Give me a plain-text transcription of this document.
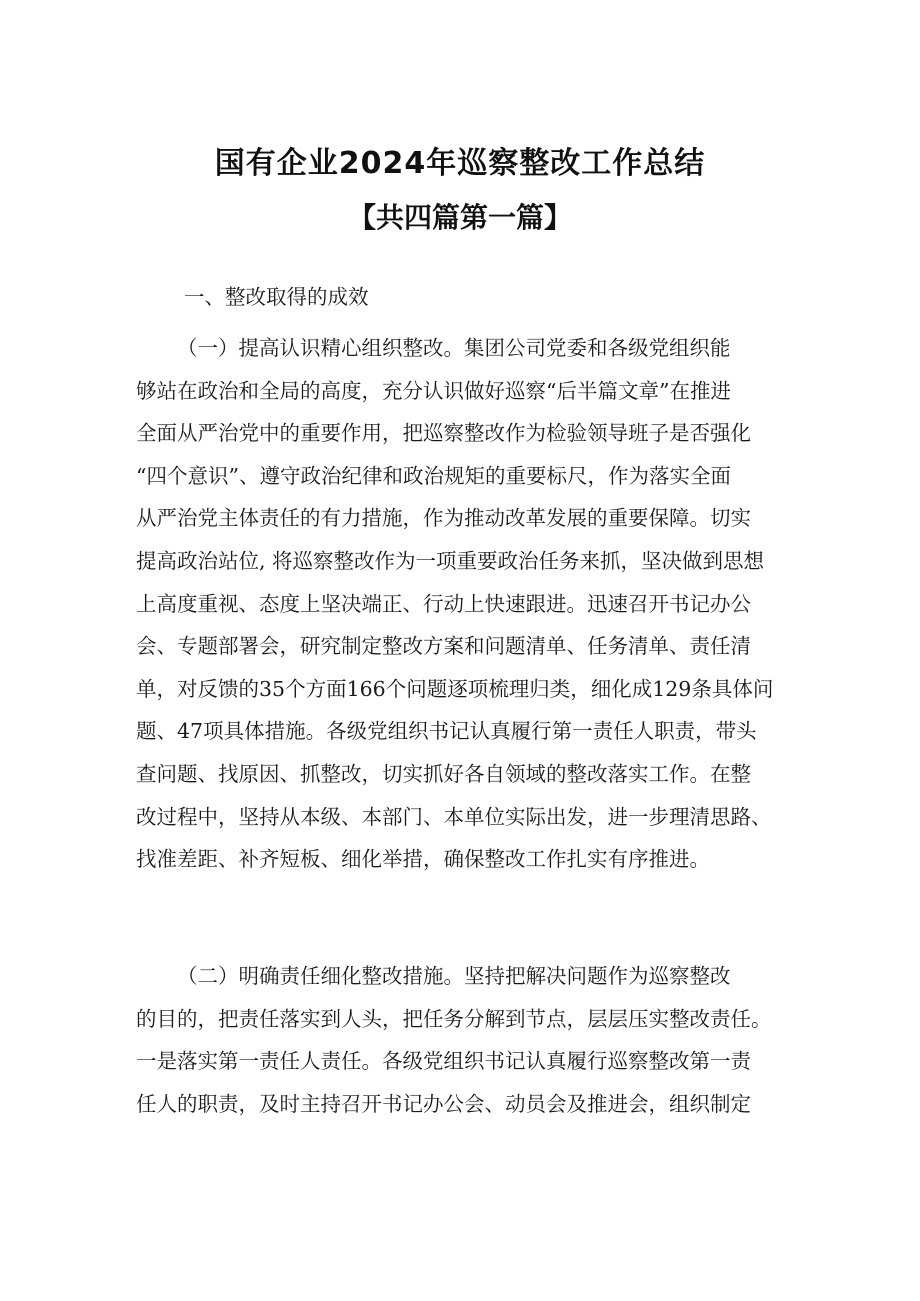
国有企业2024年巡察整改工作总结
【共四篇第一篇】
一、整改取得的成效
（一）提高认识精心组织整改。集团公司党委和各级党组织能
够站在政治和全局的高度，充分认识做好巡察“后半篇文章”在推进
全面从严治党中的重要作用，把巡察整改作为检验领导班子是否强化
“四个意识”、遵守政治纪律和政治规矩的重要标尺，作为落实全面
从严治党主体责任的有力措施，作为推动改革发展的重要保障。切实
提高政治站位, 将巡察整改作为一项重要政治任务来抓，坚决做到思想
上高度重视、态度上坚决端正、行动上快速跟进。迅速召开书记办公
会、专题部署会，研究制定整改方案和问题清单、任务清单、责任清
单，对反馈的35个方面166个问题逐项梳理归类，细化成129条具体问
题、47项具体措施。各级党组织书记认真履行第一责任人职责，带头
查问题、找原因、抓整改，切实抓好各自领域的整改落实工作。在整
改过程中，坚持从本级、本部门、本单位实际出发，进一步理清思路、
找准差距、补齐短板、细化举措，确保整改工作扎实有序推进。
（二）明确责任细化整改措施。坚持把解决问题作为巡察整改
的目的，把责任落实到人头，把任务分解到节点，层层压实整改责任。
一是落实第一责任人责任。各级党组织书记认真履行巡察整改第一责
任人的职责，及时主持召开书记办公会、动员会及推进会，组织制定
